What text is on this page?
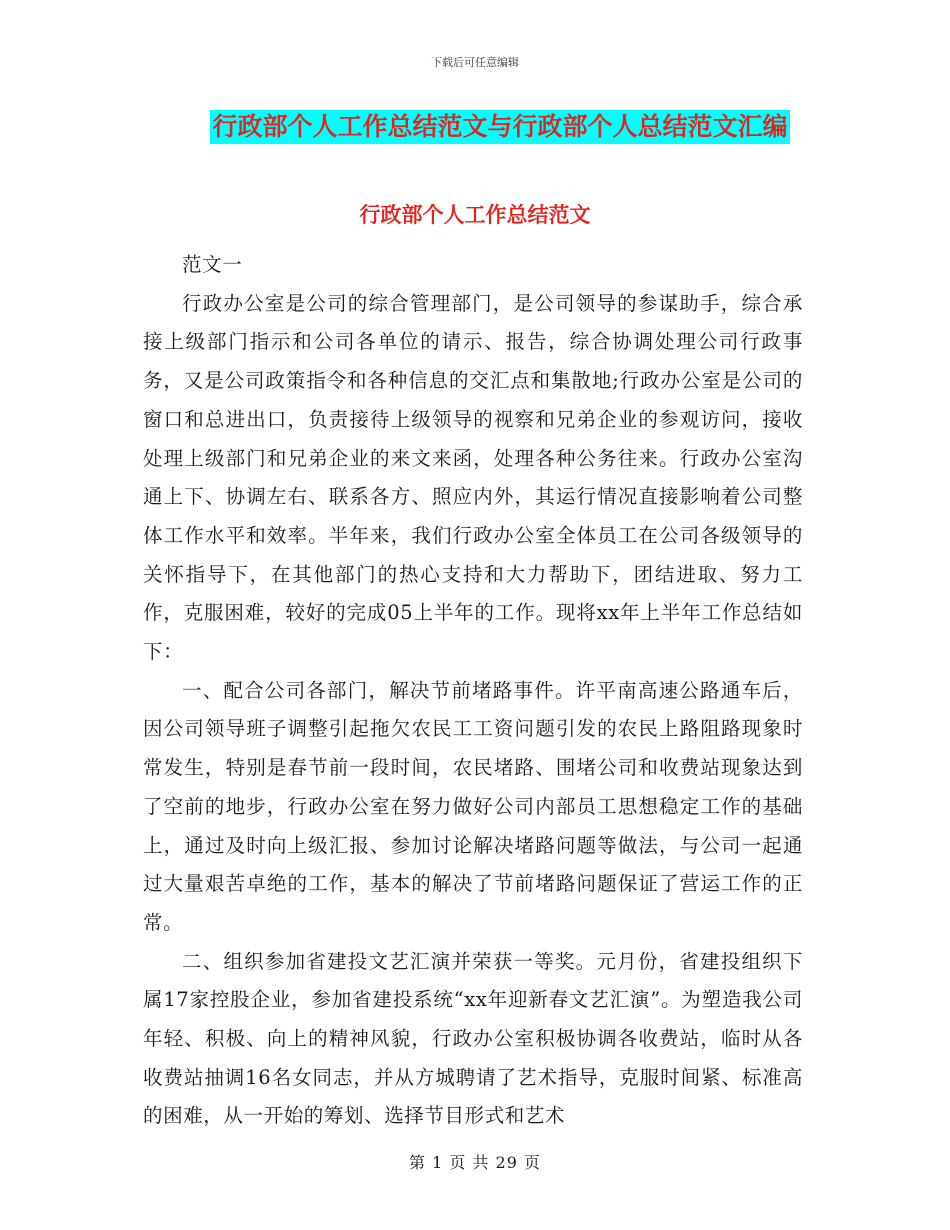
下载后可任意编辑
行政部个人工作总结范文与行政部个人总结范文汇编
行政部个人工作总结范文

范文一

行政办公室是公司的综合管理部门，是公司领导的参谋助手，综合承接上级部门指示和公司各单位的请示、报告，综合协调处理公司行政事务，又是公司政策指令和各种信息的交汇点和集散地;行政办公室是公司的窗口和总进出口，负责接待上级领导的视察和兄弟企业的参观访问，接收处理上级部门和兄弟企业的来文来函，处理各种公务往来。行政办公室沟通上下、协调左右、联系各方、照应内外，其运行情况直接影响着公司整体工作水平和效率。半年来，我们行政办公室全体员工在公司各级领导的关怀指导下，在其他部门的热心支持和大力帮助下，团结进取、努力工作，克服困难，较好的完成05上半年的工作。现将xx年上半年工作总结如下：

一、配合公司各部门，解决节前堵路事件。许平南高速公路通车后，因公司领导班子调整引起拖欠农民工工资问题引发的农民上路阻路现象时常发生，特别是春节前一段时间，农民堵路、围堵公司和收费站现象达到了空前的地步，行政办公室在努力做好公司内部员工思想稳定工作的基础上，通过及时向上级汇报、参加讨论解决堵路问题等做法，与公司一起通过大量艰苦卓绝的工作，基本的解决了节前堵路问题保证了营运工作的正常。

二、组织参加省建投文艺汇演并荣获一等奖。元月份，省建投组织下属17家控股企业，参加省建投系统“xx年迎新春文艺汇演”。为塑造我公司年轻、积极、向上的精神风貌，行政办公室积极协调各收费站，临时从各收费站抽调16名女同志，并从方城聘请了艺术指导，克服时间紧、标准高的困难，从一开始的筹划、选择节目形式和艺术

第 1 页 共 29 页
